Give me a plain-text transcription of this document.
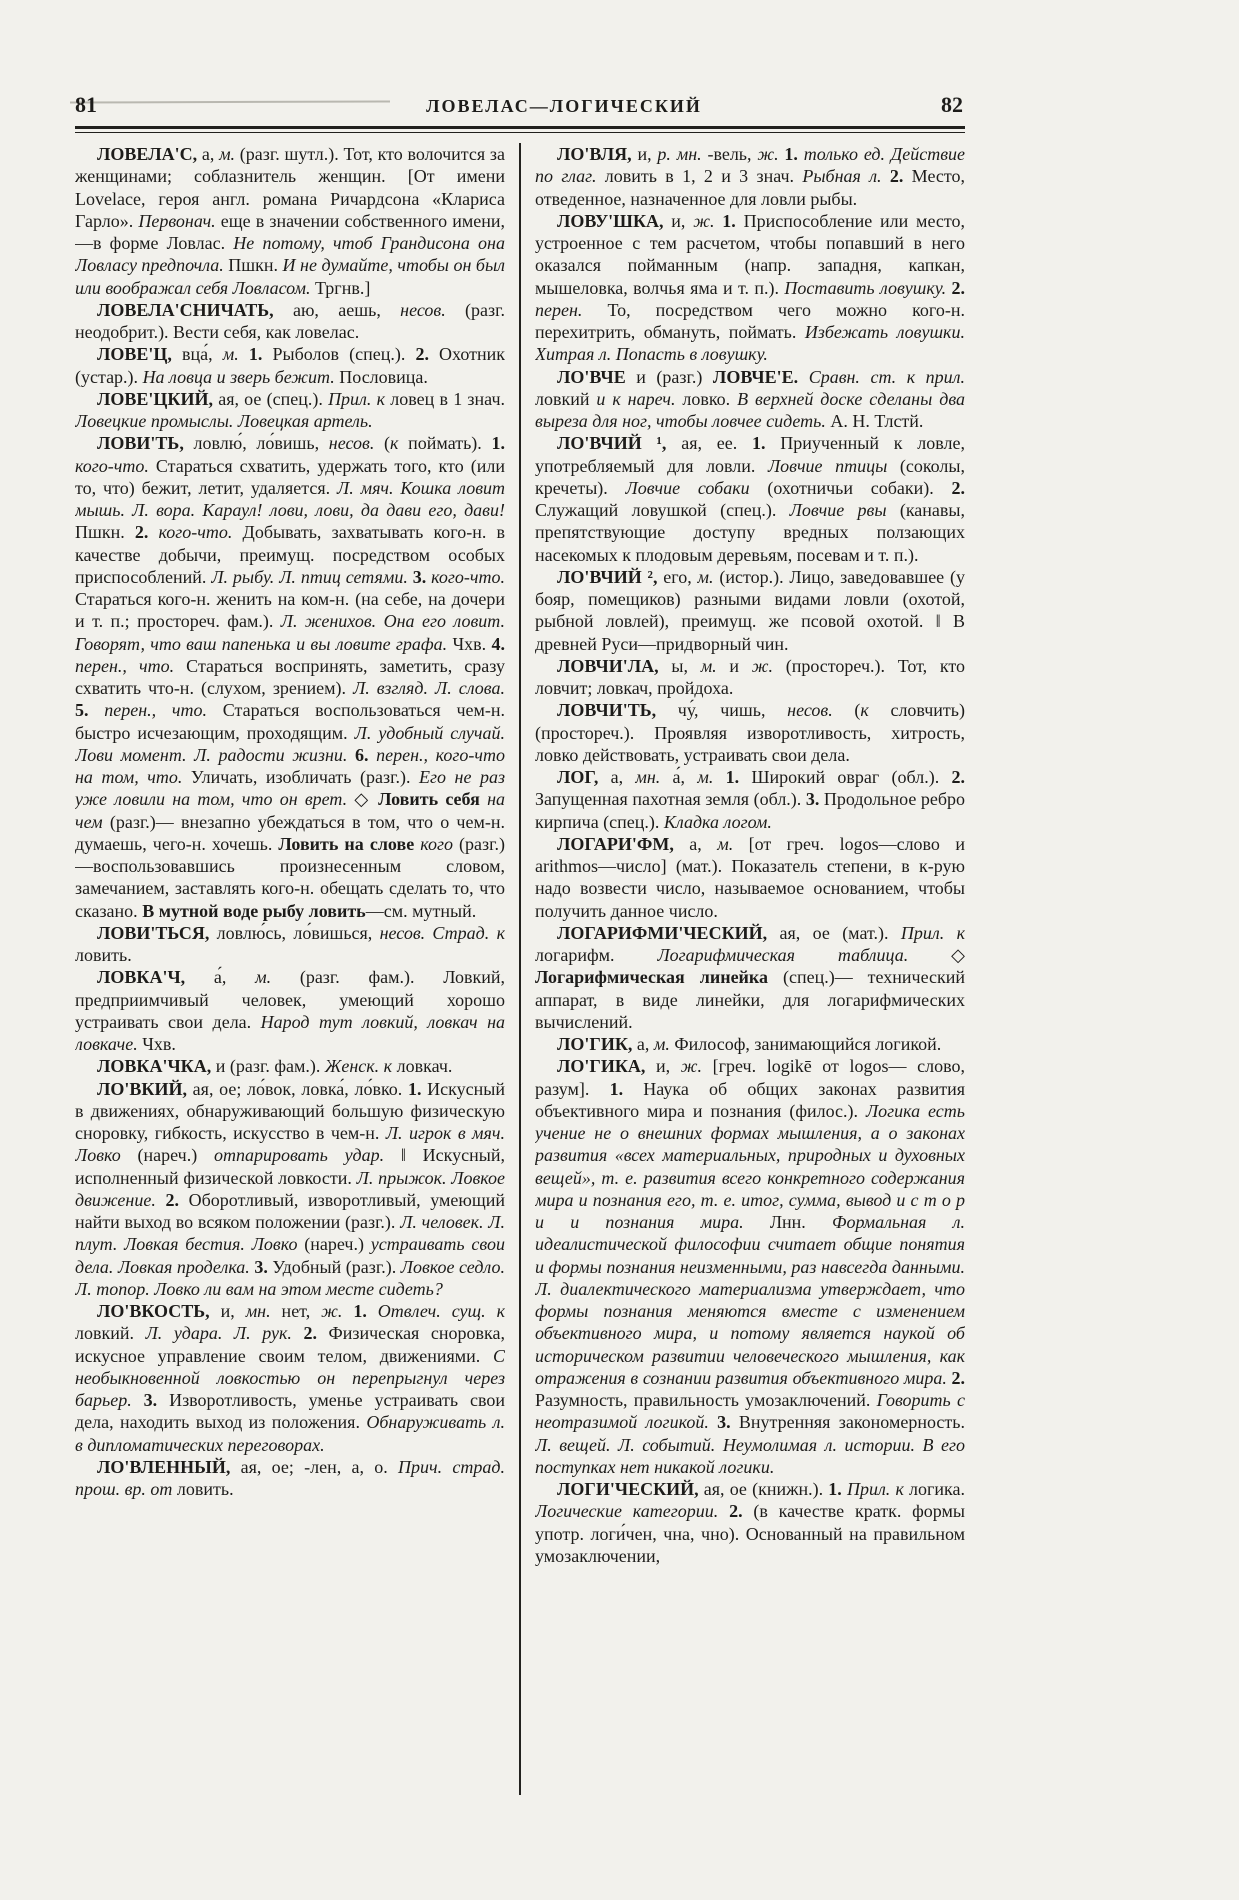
81	ЛОВЕЛАС—ЛОГИЧЕСКИЙ	82

ЛОВЕЛА'С, а, м. (разг. шутл.). Тот, кто волочится за женщинами; соблазнитель женщин. [От имени Lovelace, героя англ. романа Ричардсона «Клариса Гарло». Первонач. еще в значении собственного имени,—в форме Ловлас. Не потому, чтоб Грандисона она Ловласу предпочла. Пшкн. И не думайте, чтобы он был или воображал себя Ловласом. Тргнв.]

ЛОВЕЛА'СНИЧАТЬ, аю, аешь, несов. (разг. неодобрит.). Вести себя, как ловелас.

ЛОВЕ'Ц, вца́, м. 1. Рыболов (спец.). 2. Охотник (устар.). На ловца и зверь бежит. Пословица.

ЛОВЕ'ЦКИЙ, ая, ое (спец.). Прил. к ловец в 1 знач. Ловецкие промыслы. Ловецкая артель.

ЛОВИ'ТЬ, ловлю́, ло́вишь, несов. (к поймать). 1. кого-что. Стараться схватить, удержать того, кто (или то, что) бежит, летит, удаляется. Л. мяч. Кошка ловит мышь. Л. вора. Караул! лови, лови, да дави его, дави! Пшкн. 2. кого-что. Добывать, захватывать кого-н. в качестве добычи, преимущ. посредством особых приспособлений. Л. рыбу. Л. птиц сетями. 3. кого-что. Стараться кого-н. женить на ком-н. (на себе, на дочери и т. п.; простореч. фам.). Л. женихов. Она его ловит. Говорят, что ваш папенька и вы ловите графа. Чхв. 4. перен., что. Стараться воспринять, заметить, сразу схватить что-н. (слухом, зрением). Л. взгляд. Л. слова. 5. перен., что. Стараться воспользоваться чем-н. быстро исчезающим, проходящим. Л. удобный случай. Лови момент. Л. радости жизни. 6. перен., кого-что на том, что. Уличать, изобличать (разг.). Его не раз уже ловили на том, что он врет. ◇ Ловить себя на чем (разг.)— внезапно убеждаться в том, что о чем-н. думаешь, чего-н. хочешь. Ловить на слове кого (разг.)—воспользовавшись произнесенным словом, замечанием, заставлять кого-н. обещать сделать то, что сказано. В мутной воде рыбу ловить—см. мутный.

ЛОВИ'ТЬСЯ, ловлю́сь, ло́вишься, несов. Страд. к ловить.

ЛОВКА'Ч, а́, м. (разг. фам.). Ловкий, предприимчивый человек, умеющий хорошо устраивать свои дела. Народ тут ловкий, ловкач на ловкаче. Чхв.

ЛОВКА'ЧКА, и (разг. фам.). Женск. к ловкач.

ЛО'ВКИЙ, ая, ое; ло́вок, ловка́, ло́вко. 1. Искусный в движениях, обнаруживающий большую физическую сноровку, гибкость, искусство в чем-н. Л. игрок в мяч. Ловко (нареч.) отпарировать удар. ‖ Искусный, исполненный физической ловкости. Л. прыжок. Ловкое движение. 2. Оборотливый, изворотливый, умеющий найти выход во всяком положении (разг.). Л. человек. Л. плут. Ловкая бестия. Ловко (нареч.) устраивать свои дела. Ловкая проделка. 3. Удобный (разг.). Ловкое седло. Л. топор. Ловко ли вам на этом месте сидеть?

ЛО'ВКОСТЬ, и, мн. нет, ж. 1. Отвлеч. сущ. к ловкий. Л. удара. Л. рук. 2. Физическая сноровка, искусное управление своим телом, движениями. С необыкновенной ловкостью он перепрыгнул через барьер. 3. Изворотливость, уменье устраивать свои дела, находить выход из положения. Обнаруживать л. в дипломатических переговорах.

ЛО'ВЛЕННЫЙ, ая, ое; -лен, а, о. Прич. страд. прош. вр. от ловить.

ЛО'ВЛЯ, и, р. мн. -вель, ж. 1. только ед. Действие по глаг. ловить в 1, 2 и 3 знач. Рыбная л. 2. Место, отведенное, назначенное для ловли рыбы.

ЛОВУ'ШКА, и, ж. 1. Приспособление или место, устроенное с тем расчетом, чтобы попавший в него оказался пойманным (напр. западня, капкан, мышеловка, волчья яма и т. п.). Поставить ловушку. 2. перен. То, посредством чего можно кого-н. перехитрить, обмануть, поймать. Избежать ловушки. Хитрая л. Попасть в ловушку.

ЛО'ВЧЕ и (разг.) ЛОВЧЕ'Е. Сравн. ст. к прил. ловкий и к нареч. ловко. В верхней доске сделаны два выреза для ног, чтобы ловчее сидеть. А. Н. Тлстй.

ЛО'ВЧИЙ ¹, ая, ее. 1. Приученный к ловле, употребляемый для ловли. Ловчие птицы (соколы, кречеты). Ловчие собаки (охотничьи собаки). 2. Служащий ловушкой (спец.). Ловчие рвы (канавы, препятствующие доступу вредных ползающих насекомых к плодовым деревьям, посевам и т. п.).

ЛО'ВЧИЙ ², его, м. (истор.). Лицо, заведовавшее (у бояр, помещиков) разными видами ловли (охотой, рыбной ловлей), преимущ. же псовой охотой. ‖ В древней Руси—придворный чин.

ЛОВЧИ'ЛА, ы, м. и ж. (простореч.). Тот, кто ловчит; ловкач, пройдоха.

ЛОВЧИ'ТЬ, чу́, чишь, несов. (к словчить) (простореч.). Проявляя изворотливость, хитрость, ловко действовать, устраивать свои дела.

ЛОГ, а, мн. а́, м. 1. Широкий овраг (обл.). 2. Запущенная пахотная земля (обл.). 3. Продольное ребро кирпича (спец.). Кладка логом.

ЛОГАРИ'ФМ, а, м. [от греч. logos—слово и arithmos—число] (мат.). Показатель степени, в к-рую надо возвести число, называемое основанием, чтобы получить данное число.

ЛОГАРИФМИ'ЧЕСКИЙ, ая, ое (мат.). Прил. к логарифм. Логарифмическая таблица. ◇ Логарифмическая линейка (спец.)— технический аппарат, в виде линейки, для логарифмических вычислений.

ЛО'ГИК, а, м. Философ, занимающийся логикой.

ЛО'ГИКА, и, ж. [греч. logikē от logos— слово, разум]. 1. Наука об общих законах развития объективного мира и познания (филос.). Логика есть учение не о внешних формах мышления, а о законах развития «всех материальных, природных и духовных вещей», т. е. развития всего конкретного содержания мира и познания его, т. е. итог, сумма, вывод и с т о р и и познания мира. Лнн. Формальная л. идеалистической философии считает общие понятия и формы познания неизменными, раз навсегда данными. Л. диалектического материализма утверждает, что формы познания меняются вместе с изменением объективного мира, и потому является наукой об историческом развитии человеческого мышления, как отражения в сознании развития объективного мира. 2. Разумность, правильность умозаключений. Говорить с неотразимой логикой. 3. Внутренняя закономерность. Л. вещей. Л. событий. Неумолимая л. истории. В его поступках нет никакой логики.

ЛОГИ'ЧЕСКИЙ, ая, ое (книжн.). 1. Прил. к логика. Логические категории. 2. (в качестве кратк. формы употр. логи́чен, чна, чно). Основанный на правильном умозаключении,
